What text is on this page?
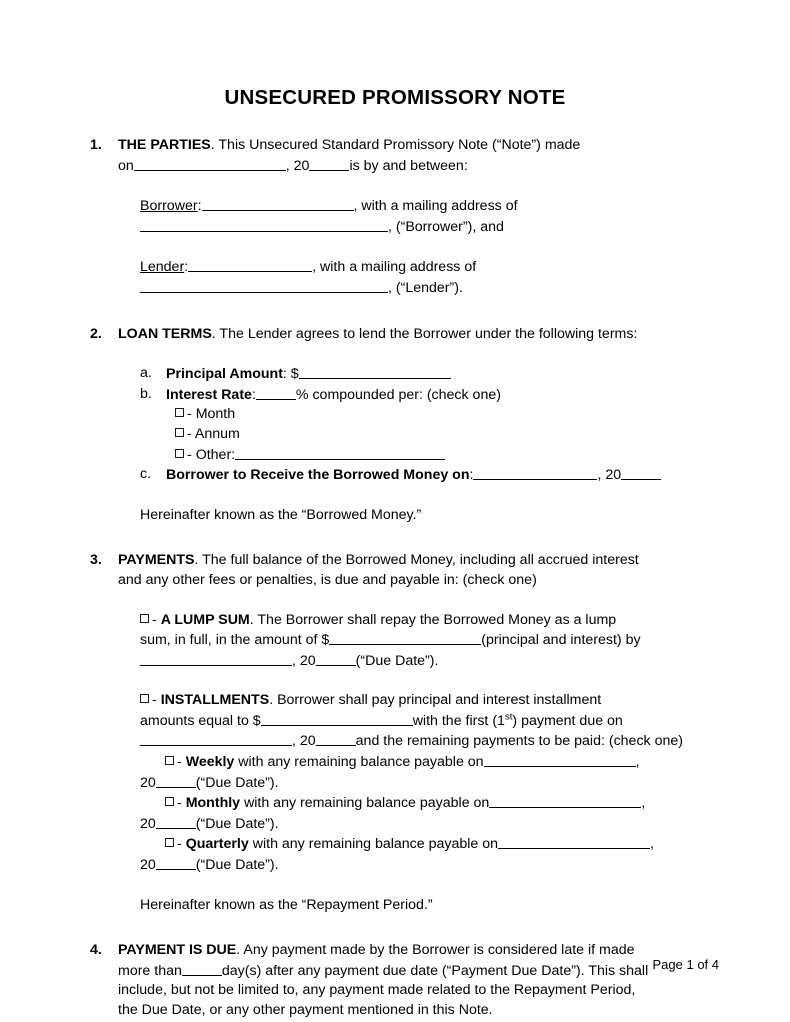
UNSECURED PROMISSORY NOTE
1.	THE PARTIES. This Unsecured Standard Promissory Note (“Note”) made
on	, 20	is by and between:
Borrower:	, with a mailing address of
, (“Borrower”), and
Lender:	, with a mailing address of
, (“Lender”).
2.	LOAN TERMS. The Lender agrees to lend the Borrower under the following terms:
a. Principal Amount: $
b. Interest Rate:	% compounded per: (check one)
- Month
- Annum
- Other:
c.	Borrower to Receive the Borrowed Money on:	, 20
Hereinafter known as the “Borrowed Money.”
3.	PAYMENTS. The full balance of the Borrowed Money, including all accrued interest
and any other fees or penalties, is due and payable in: (check one)
- A LUMP SUM. The Borrower shall repay the Borrowed Money as a lump
sum, in full, in the amount of $	(principal and interest) by
, 20	(“Due Date”).
- INSTALLMENTS. Borrower shall pay principal and interest installment
amounts equal to $	with the first (1st) payment due on
, 20	and the remaining payments to be paid: (check one)
- Weekly with any remaining balance payable on	,
20	(“Due Date”).
- Monthly with any remaining balance payable on	,
20	(“Due Date”).
- Quarterly with any remaining balance payable on	,
20	(“Due Date”).
Hereinafter known as the “Repayment Period.”
4.	PAYMENT IS DUE. Any payment made by the Borrower is considered late if made
more than	day(s) after any payment due date (“Payment Due Date”). This shall
include, but not be limited to, any payment made related to the Repayment Period,
the Due Date, or any other payment mentioned in this Note.
Page 1 of 4
